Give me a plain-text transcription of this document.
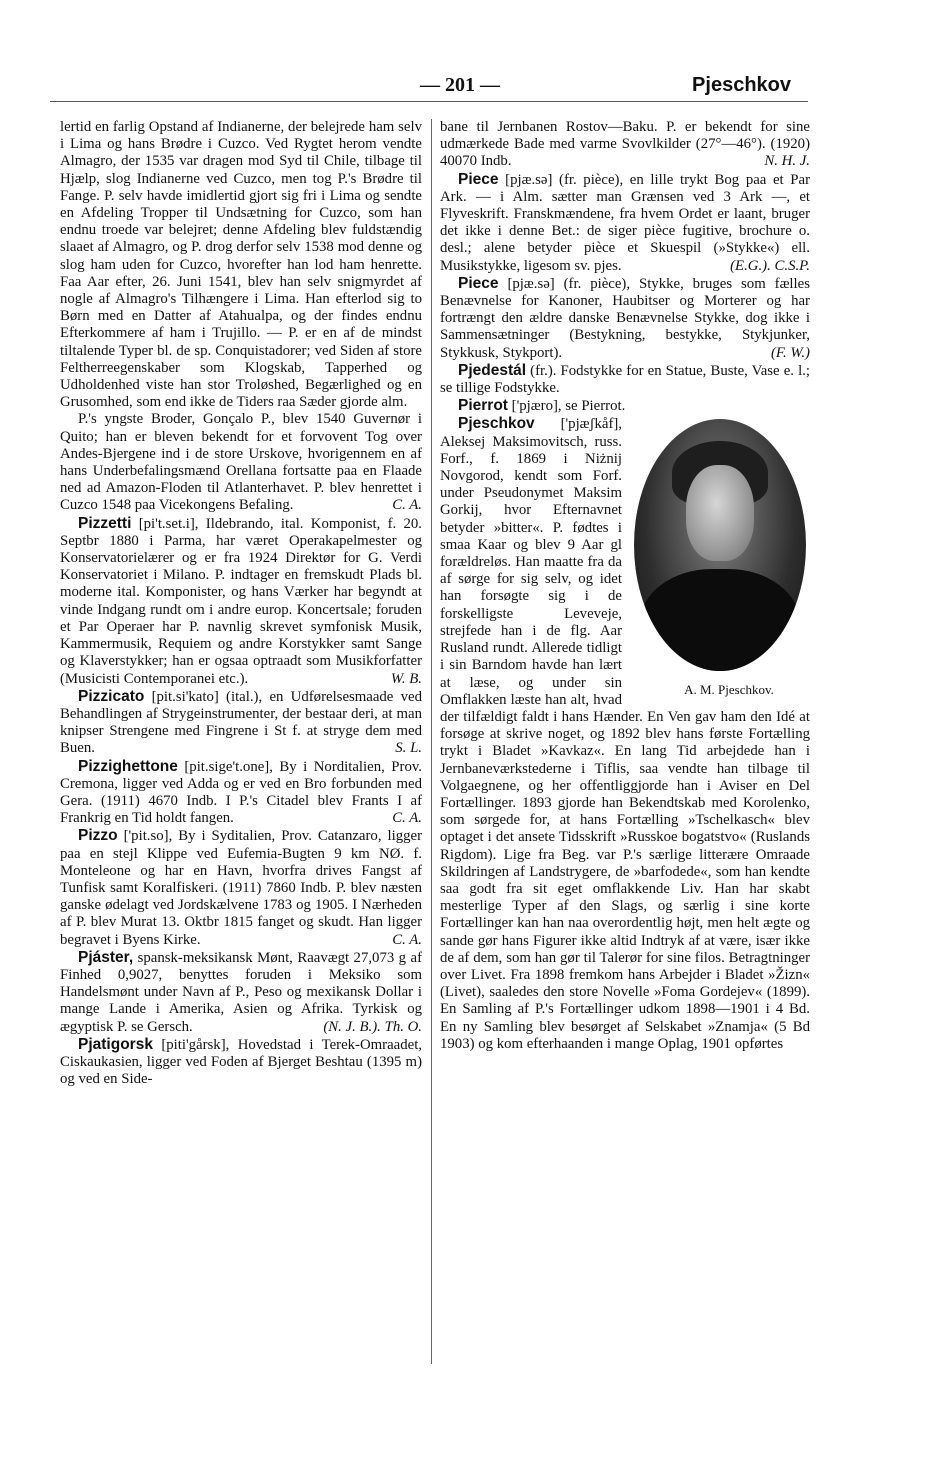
— 201 —	Pjeschkov

lertid en farlig Opstand af Indianerne, der belejrede ham selv i Lima og hans Brødre i Cuzco. Ved Rygtet herom vendte Almagro, der 1535 var dragen mod Syd til Chile, tilbage til Hjælp, slog Indianerne ved Cuzco, men tog P.'s Brødre til Fange. P. selv havde imidlertid gjort sig fri i Lima og sendte en Afdeling Tropper til Undsætning for Cuzco, som han endnu troede var belejret; denne Afdeling blev fuldstændig slaaet af Almagro, og P. drog derfor selv 1538 mod denne og slog ham uden for Cuzco, hvorefter han lod ham henrette. Faa Aar efter, 26. Juni 1541, blev han selv snigmyrdet af nogle af Almagro's Tilhængere i Lima. Han efterlod sig to Børn med en Datter af Atahualpa, og der findes endnu Efterkommere af ham i Trujillo. — P. er en af de mindst tiltalende Typer bl. de sp. Conquistadorer; ved Siden af store Feltherreegenskaber som Klogskab, Tapperhed og Udholdenhed viste han stor Troløshed, Begærlighed og en Grusomhed, som end ikke de Tiders raa Sæder gjorde alm.

P.'s yngste Broder, Gonçalo P., blev 1540 Guvernør i Quito; han er bleven bekendt for et forvovent Tog over Andes-Bjergene ind i de store Urskove, hvorigennem en af hans Underbefalingsmænd Orellana fortsatte paa en Flaade ned ad Amazon-Floden til Atlanterhavet. P. blev henrettet i Cuzco 1548 paa Vicekongens Befaling.	C. A.

Pizzetti [pi't.set.i], Ildebrando, ital. Komponist, f. 20. Septbr 1880 i Parma, har været Operakapelmester og Konservatorielærer og er fra 1924 Direktør for G. Verdi Konservatoriet i Milano. P. indtager en fremskudt Plads bl. moderne ital. Komponister, og hans Værker har begyndt at vinde Indgang rundt om i andre europ. Koncertsale; foruden et Par Operaer har P. navnlig skrevet symfonisk Musik, Kammermusik, Requiem og andre Korstykker samt Sange og Klaverstykker; han er ogsaa optraadt som Musikforfatter (Musicisti Contemporanei etc.).	W. B.

Pizzicato [pit.si'kato] (ital.), en Udførelsesmaade ved Behandlingen af Strygeinstrumenter, der bestaar deri, at man knipser Strengene med Fingrene i St f. at stryge dem med Buen.	S. L.

Pizzighettone [pit.sige't.one], By i Norditalien, Prov. Cremona, ligger ved Adda og er ved en Bro forbunden med Gera. (1911) 4670 Indb. I P.'s Citadel blev Frants I af Frankrig en Tid holdt fangen.	C. A.

Pizzo ['pit.so], By i Syditalien, Prov. Catanzaro, ligger paa en stejl Klippe ved Eufemia-Bugten 9 km NØ. f. Monteleone og har en Havn, hvorfra drives Fangst af Tunfisk samt Koralfiskeri. (1911) 7860 Indb. P. blev næsten ganske ødelagt ved Jordskælvene 1783 og 1905. I Nærheden af P. blev Murat 13. Oktbr 1815 fanget og skudt. Han ligger begravet i Byens Kirke.	C. A.

Pjáster, spansk-meksikansk Mønt, Raavægt 27,073 g af Finhed 0,9027, benyttes foruden i Meksiko som Handelsmønt under Navn af P., Peso og mexikansk Dollar i mange Lande i Amerika, Asien og Afrika. Tyrkisk og ægyptisk P. se Gersch.	(N. J. B.). Th. O.

Pjatigorsk [piti'gårsk], Hovedstad i Terek-Omraadet, Ciskaukasien, ligger ved Foden af Bjerget Beshtau (1395 m) og ved en Side-

bane til Jernbanen Rostov—Baku. P. er bekendt for sine udmærkede Bade med varme Svovlkilder (27°—46°). (1920) 40070 Indb.	N. H. J.

Piece [pjæ.sə] (fr. pièce), en lille trykt Bog paa et Par Ark. — i Alm. sætter man Grænsen ved 3 Ark —, et Flyveskrift. Franskmændene, fra hvem Ordet er laant, bruger det ikke i denne Bet.: de siger pièce fugitive, brochure o. desl.; alene betyder pièce et Skuespil (»Stykke«) ell. Musikstykke, ligesom sv. pjes.	(E.G.). C.S.P.

Piece [pjæ.sə] (fr. pièce), Stykke, bruges som fælles Benævnelse for Kanoner, Haubitser og Morterer og har fortrængt den ældre danske Benævnelse Stykke, dog ikke i Sammensætninger (Bestykning, bestykke, Stykjunker, Stykkusk, Stykport).	(F. W.)

Pjedestál (fr.). Fodstykke for en Statue, Buste, Vase e. l.; se tillige Fodstykke.

Pierrot ['pjæro], se Pierrot.

A. M. Pjeschkov.
Pjeschkov ['pjæʃkåf], Aleksej Maksimovitsch, russ. Forf., f. 1869 i Niżnij Novgorod, kendt som Forf. under Pseudonymet Maksim Gorkij, hvor Efternavnet betyder »bitter«. P. fødtes i smaa Kaar og blev 9 Aar gl forældreløs. Han maatte fra da af sørge for sig selv, og idet han forsøgte sig i de forskelligste Leveveje, strejfede han i de flg. Aar Rusland rundt. Allerede tidligt i sin Barndom havde han lært at læse, og under sin Omflakken læste han alt, hvad der tilfældigt faldt i hans Hænder. En Ven gav ham den Idé at forsøge at skrive noget, og 1892 blev hans første Fortælling trykt i Bladet »Kavkaz«. En lang Tid arbejdede han i Jernbaneværkstederne i Tiflis, saa vendte han tilbage til Volgaegnene, og her offentliggjorde han i Aviser en Del Fortællinger. 1893 gjorde han Bekendtskab med Korolenko, som sørgede for, at hans Fortælling »Tschelkasch« blev optaget i det ansete Tidsskrift »Russkoe bogatstvo« (Ruslands Rigdom). Lige fra Beg. var P.'s særlige litterære Omraade Skildringen af Landstrygere, de »barfodede«, som han kendte saa godt fra sit eget omflakkende Liv. Han har skabt mesterlige Typer af den Slags, og særlig i sine korte Fortællinger kan han naa overordentlig højt, men helt ægte og sande gør hans Figurer ikke altid Indtryk af at være, især ikke de af dem, som han gør til Talerør for sine filos. Betragtninger over Livet. Fra 1898 fremkom hans Arbejder i Bladet »Žizn« (Livet), saaledes den store Novelle »Foma Gordejev« (1899). En Samling af P.'s Fortællinger udkom 1898—1901 i 4 Bd. En ny Samling blev besørget af Selskabet »Znamja« (5 Bd 1903) og kom efterhaanden i mange Oplag, 1901 opførtes
